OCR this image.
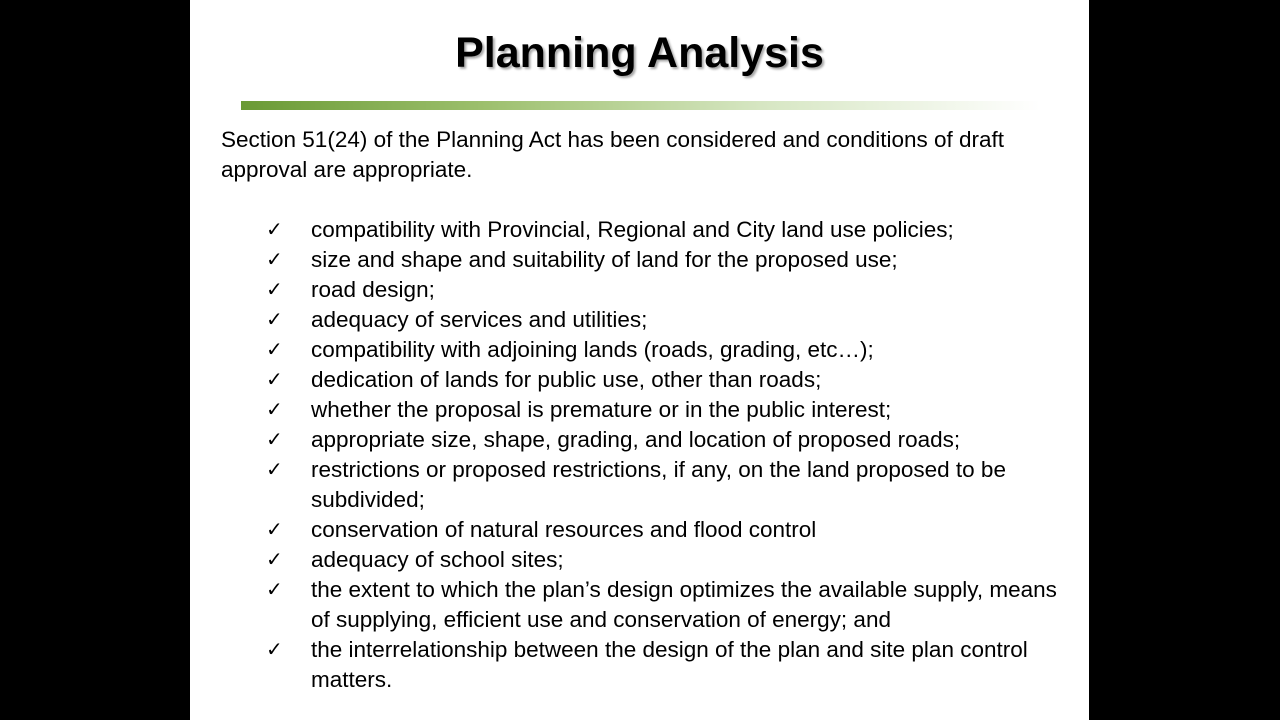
Planning Analysis

Section 51(24) of the Planning Act has been considered and conditions of draft approval are appropriate.

✓	compatibility with Provincial, Regional and City land use policies;
✓	size and shape and suitability of land for the proposed use;
✓	road design;
✓	adequacy of services and utilities;
✓	compatibility with adjoining lands (roads, grading, etc…);
✓	dedication of lands for public use, other than roads;
✓	whether the proposal is premature or in the public interest;
✓	appropriate size, shape, grading, and location of proposed roads;
✓	restrictions or proposed restrictions, if any, on the land proposed to be subdivided;
✓	conservation of natural resources and flood control
✓	adequacy of school sites;
✓	the extent to which the plan’s design optimizes the available supply, means of supplying, efficient use and conservation of energy; and
✓	the interrelationship between the design of the plan and site plan control matters.
